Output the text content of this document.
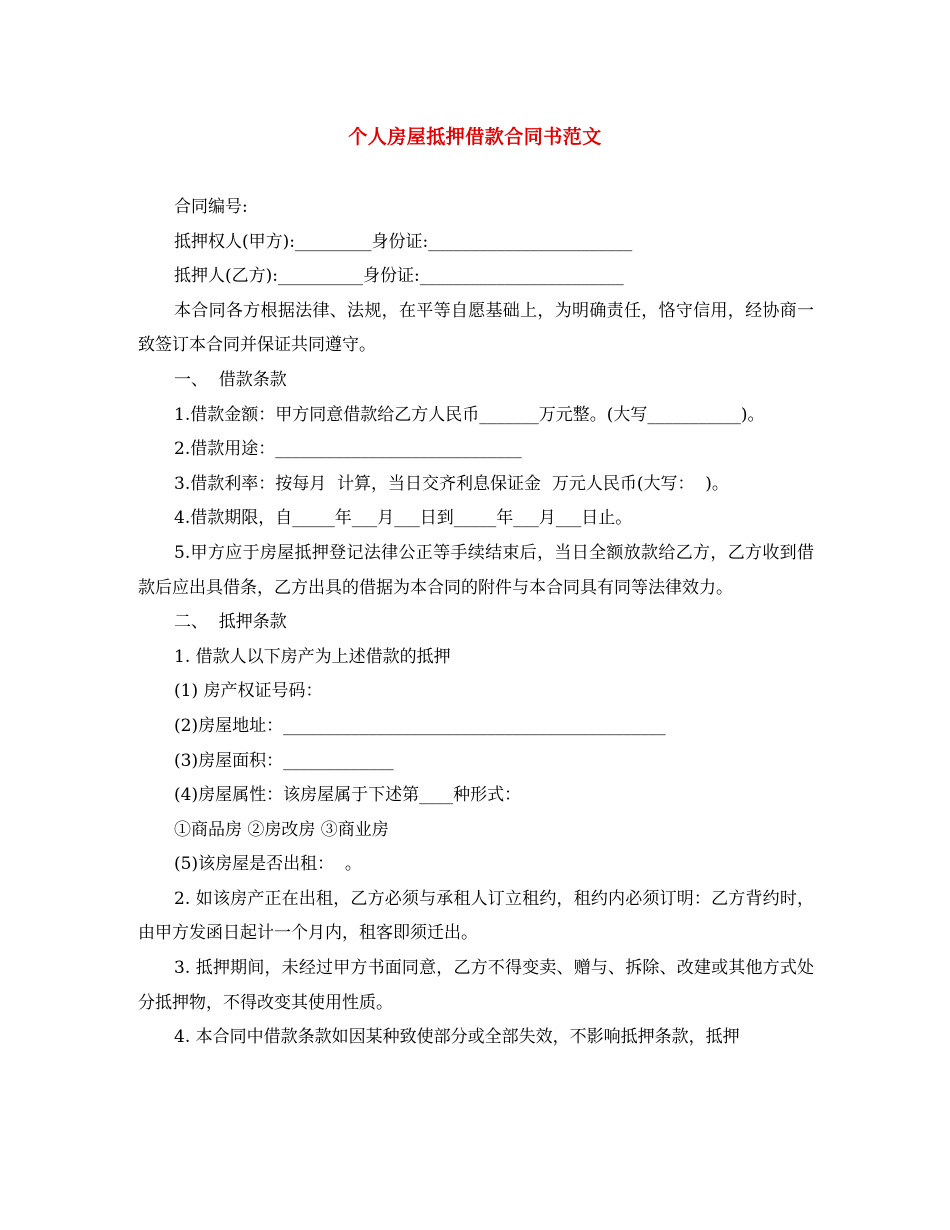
个人房屋抵押借款合同书范文

合同编号:

抵押权人(甲方):_________身份证:________________________

抵押人(乙方):__________身份证:________________________

本合同各方根据法律、法规，在平等自愿基础上，为明确责任，恪守信用，经协商一致签订本合同并保证共同遵守。

一、  借款条款

1.借款金额：甲方同意借款给乙方人民币_______万元整。(大写___________)。

2.借款用途：_____________________________

3.借款利率：按每月  计算，当日交齐利息保证金  万元人民币(大写：  )。

4.借款期限，自_____年___月___日到_____年___月___日止。

5.甲方应于房屋抵押登记法律公正等手续结束后，当日全额放款给乙方，乙方收到借款后应出具借条，乙方出具的借据为本合同的附件与本合同具有同等法律效力。

二、  抵押条款

1. 借款人以下房产为上述借款的抵押

(1) 房产权证号码：

(2)房屋地址：_____________________________________________

(3)房屋面积：_____________

(4)房屋属性：该房屋属于下述第____种形式：

①商品房 ②房改房 ③商业房

(5)该房屋是否出租：  。

2. 如该房产正在出租，乙方必须与承租人订立租约，租约内必须订明：乙方背约时，由甲方发函日起计一个月内，租客即须迁出。

3. 抵押期间，未经过甲方书面同意，乙方不得变卖、赠与、拆除、改建或其他方式处分抵押物，不得改变其使用性质。

4. 本合同中借款条款如因某种致使部分或全部失效，不影响抵押条款，抵押
